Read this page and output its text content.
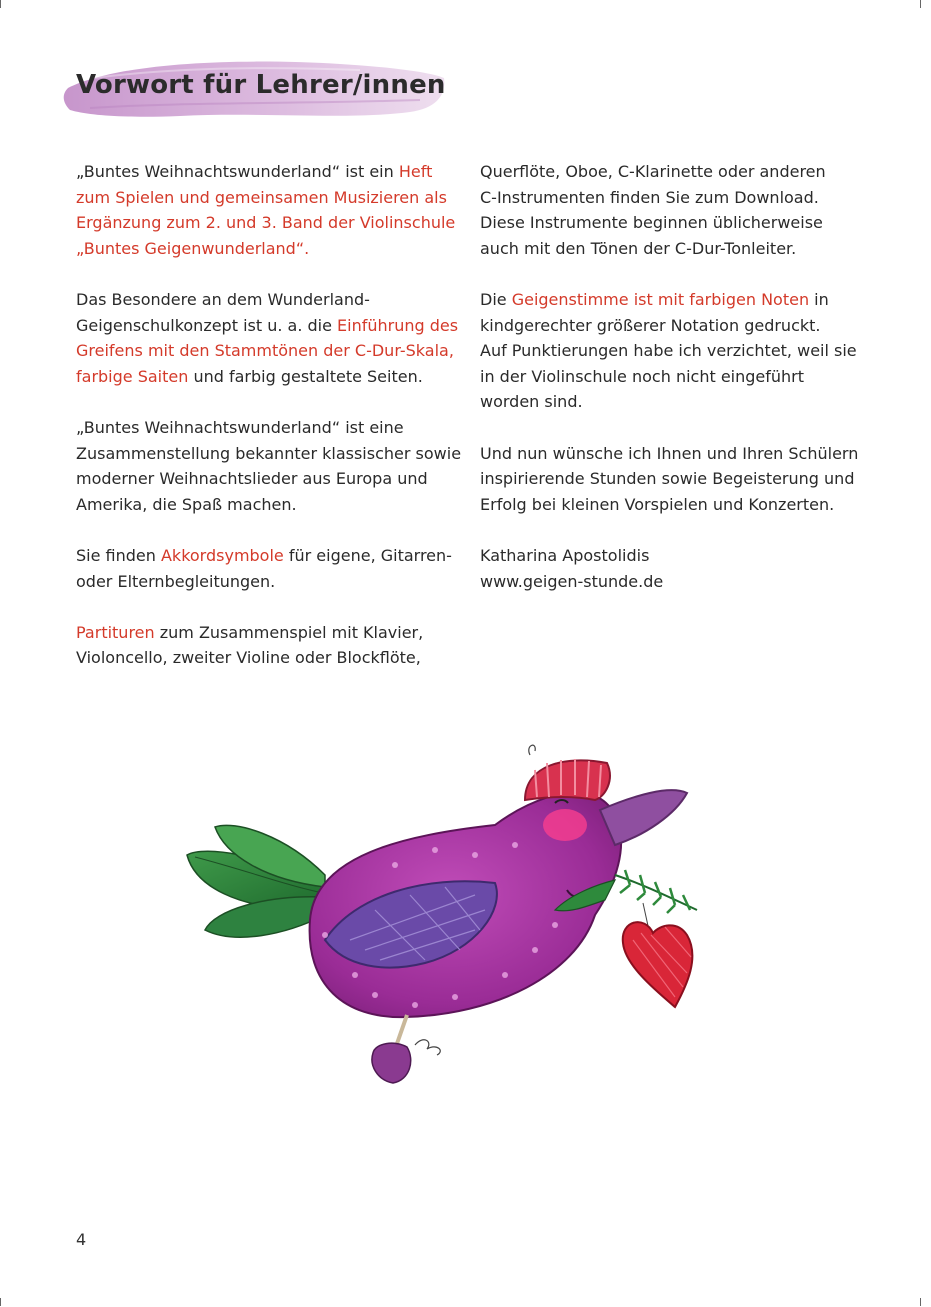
Vorwort für Lehrer/innen

„Buntes Weihnachtswunderland“ ist ein Heft
zum Spielen und gemeinsamen Musizieren als
Ergänzung zum 2. und 3. Band der Violinschule
„Buntes Geigenwunderland“.

Das Besondere an dem Wunderland-
Geigenschulkonzept ist u. a. die Einführung des
Greifens mit den Stammtönen der C-Dur-Skala,
farbige Saiten und farbig gestaltete Seiten.

„Buntes Weihnachtswunderland“ ist eine
Zusammenstellung bekannter klassischer sowie
moderner Weihnachtslieder aus Europa und
Amerika, die Spaß machen.

Sie finden Akkordsymbole für eigene, Gitarren-
oder Elternbegleitungen.

Partituren zum Zusammenspiel mit Klavier,
Violoncello, zweiter Violine oder Blockflöte,

Querflöte, Oboe, C-Klarinette oder anderen
C-Instrumenten finden Sie zum Download.
Diese Instrumente beginnen üblicherweise
auch mit den Tönen der C-Dur-Tonleiter.

Die Geigenstimme ist mit farbigen Noten in
kindgerechter größerer Notation gedruckt.
Auf Punktierungen habe ich verzichtet, weil sie
in der Violinschule noch nicht eingeführt
worden sind.

Und nun wünsche ich Ihnen und Ihren Schülern
inspirierende Stunden sowie Begeisterung und
Erfolg bei kleinen Vorspielen und Konzerten.

Katharina Apostolidis
www.geigen-stunde.de

4
